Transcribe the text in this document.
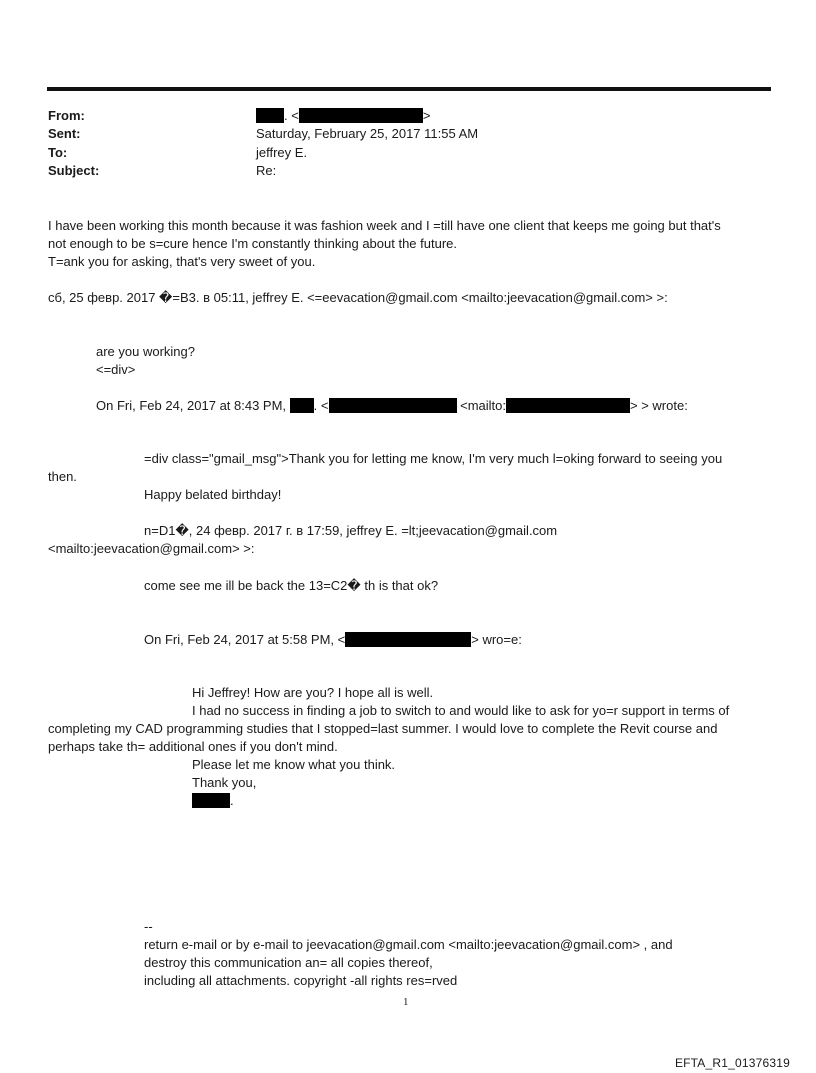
From:	. <	>
Sent:	Saturday, February 25, 2017 11:55 AM
To:	jeffrey E.
Subject:	Re:
I have been working this month because it was fashion week and I =till have one client that keeps me going but that's
not enough to be s=cure hence I'm constantly thinking about the future.
T=ank you for asking, that's very sweet of you.
сб, 25 февр. 2017 �=B3. в 05:11, jeffrey E. <=eevacation@gmail.com <mailto:jeevacation@gmail.com> >:
are you working?
<=div>
On Fri, Feb 24, 2017 at 8:43 PM, . <	<mailto:	> > wrote:
=div class="gmail_msg">Thank you for letting me know, I'm very much l=oking forward to seeing you
then.
Happy belated birthday!
n=D1�, 24 февр. 2017 г. в 17:59, jeffrey E. =lt;jeevacation@gmail.com
<mailto:jeevacation@gmail.com> >:
come see me ill be back the 13=C2� th is that ok?
On Fri, Feb 24, 2017 at 5:58 PM, <	> wro=e:
Hi Jeffrey! How are you? I hope all is well.
I had no success in finding a job to switch to and would like to ask for yo=r support in terms of
completing my CAD programming studies that I stopped=last summer. I would love to complete the Revit course and
perhaps take th= additional ones if you don't mind.
Please let me know what you think.
Thank you,
.
--
return e-mail or by e-mail to jeevacation@gmail.com <mailto:jeevacation@gmail.com> , and
destroy this communication an= all copies thereof,
including all attachments. copyright -all rights res=rved
1
EFTA_R1_01376319
